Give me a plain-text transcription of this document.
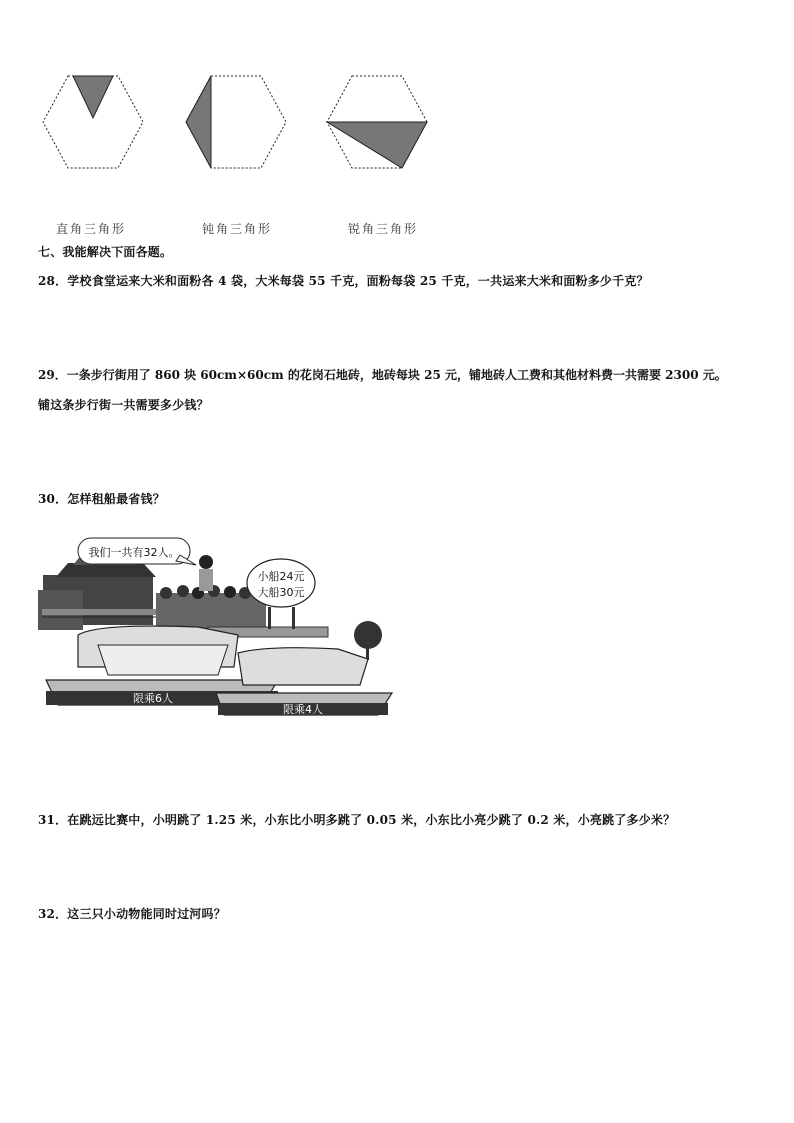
直角三角形	钝角三角形	锐角三角形
七、我能解决下面各题。
28．学校食堂运来大米和面粉各 4 袋，大米每袋 55 千克，面粉每袋 25 千克，一共运来大米和面粉多少千克？
29．一条步行街用了 860 块 60cm×60cm 的花岗石地砖，地砖每块 25 元，铺地砖人工费和其他材料费一共需要 2300 元。
铺这条步行街一共需要多少钱？
30．怎样租船最省钱？
我们一共有32人。
小船24元
大船30元
限乘6人
限乘4人
31．在跳远比赛中，小明跳了 1.25 米，小东比小明多跳了 0.05 米，小东比小亮少跳了 0.2 米，小亮跳了多少米？
32．这三只小动物能同时过河吗？
